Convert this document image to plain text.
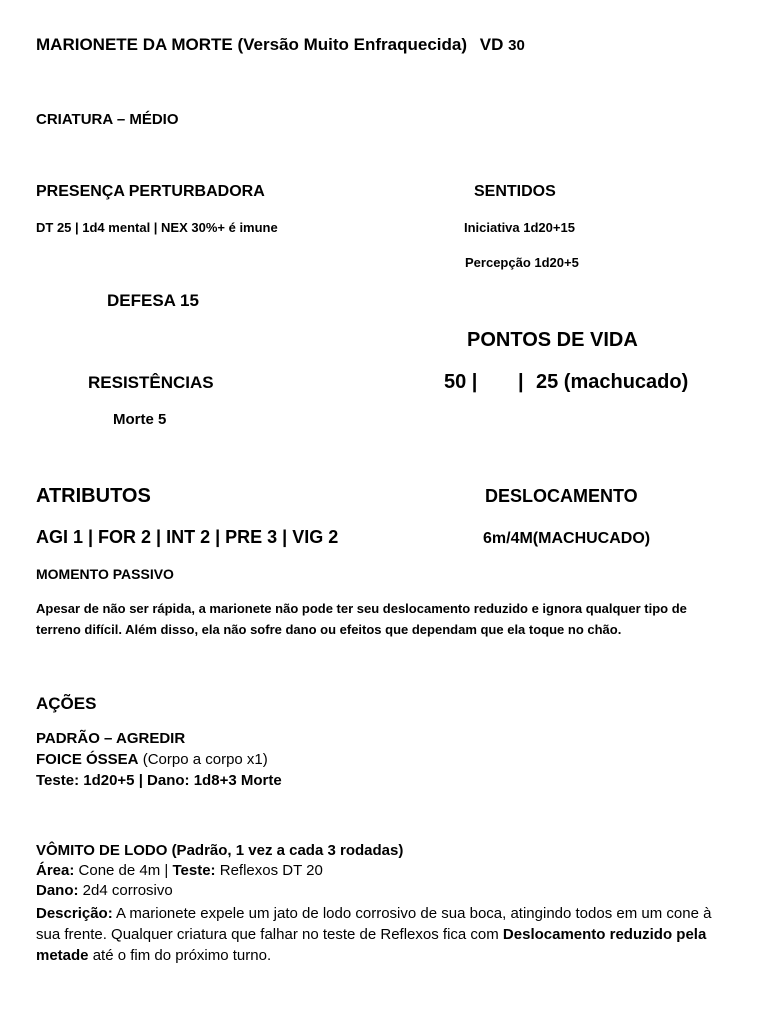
MARIONETE DA MORTE (Versão Muito Enfraquecida) VD 30
CRIATURA – MÉDIO
PRESENÇA PERTURBADORA
DT 25 | 1d4 mental | NEX 30%+ é imune
SENTIDOS
Iniciativa 1d20+15
Percepção 1d20+5
DEFESA 15
PONTOS DE VIDA
50 | | 25 (machucado)
RESISTÊNCIAS
Morte 5
ATRIBUTOS
AGI 1 | FOR 2 | INT 2 | PRE 3 | VIG 2
DESLOCAMENTO
6m/4M(MACHUCADO)
MOMENTO PASSIVO
Apesar de não ser rápida, a marionete não pode ter seu deslocamento reduzido e ignora qualquer tipo de
terreno difícil. Além disso, ela não sofre dano ou efeitos que dependam que ela toque no chão.
AÇÕES
PADRÃO – AGREDIR
FOICE ÓSSEA (Corpo a corpo x1)
Teste: 1d20+5 | Dano: 1d8+3 Morte
VÔMITO DE LODO (Padrão, 1 vez a cada 3 rodadas)
Área: Cone de 4m | Teste: Reflexos DT 20
Dano: 2d4 corrosivo
Descrição: A marionete expele um jato de lodo corrosivo de sua boca, atingindo todos em um cone à sua frente. Qualquer criatura que falhar no teste de Reflexos fica com Deslocamento reduzido pela metade até o fim do próximo turno.
